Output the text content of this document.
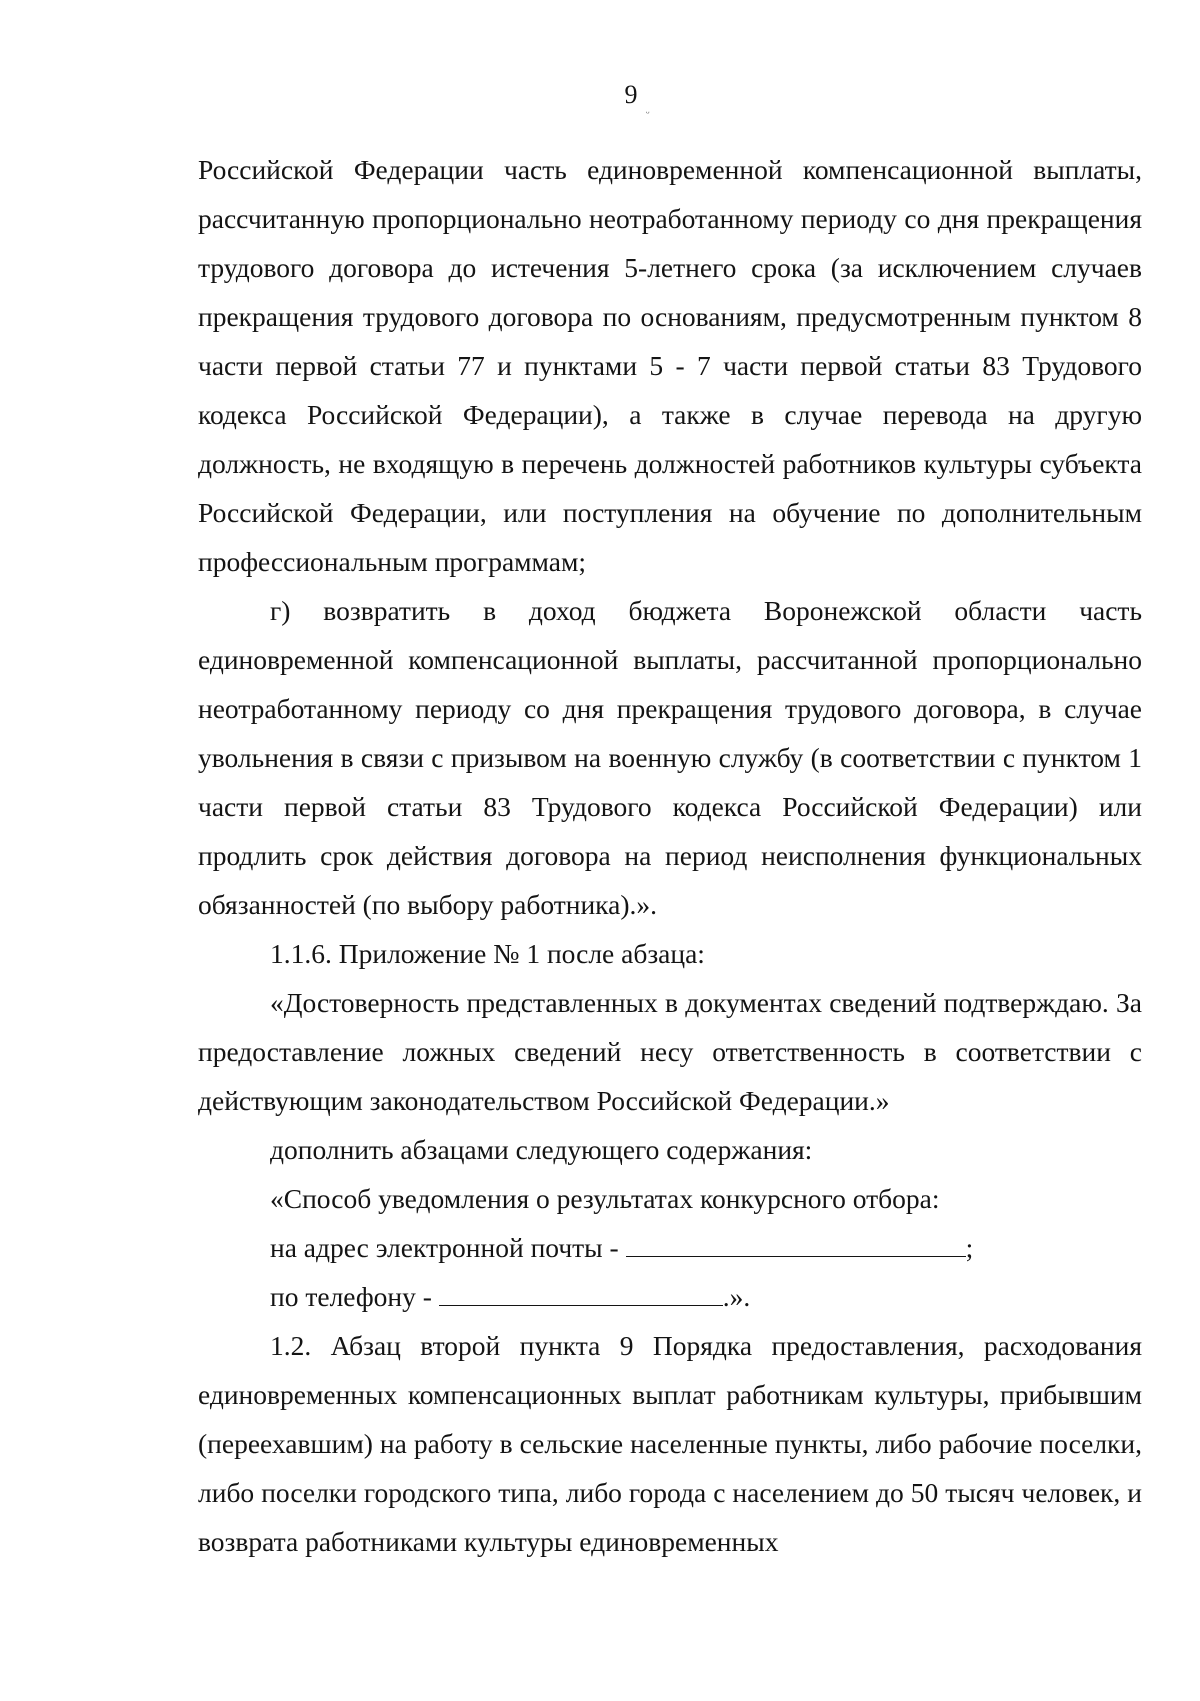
9
ᵕ

Российской Федерации часть единовременной компенсационной выплаты, рассчитанную пропорционально неотработанному периоду со дня прекращения трудового договора до истечения 5-летнего срока (за исключением случаев прекращения трудового договора по основаниям, предусмотренным пунктом 8 части первой статьи 77 и пунктами 5 - 7 части первой статьи 83 Трудового кодекса Российской Федерации), а также в случае перевода на другую должность, не входящую в перечень должностей работников культуры субъекта Российской Федерации, или поступления на обучение по дополнительным профессиональным программам;

г) возвратить в доход бюджета Воронежской области часть единовременной компенсационной выплаты, рассчитанной пропорционально неотработанному периоду со дня прекращения трудового договора, в случае увольнения в связи с призывом на военную службу (в соответствии с пунктом 1 части первой статьи 83 Трудового кодекса Российской Федерации) или продлить срок действия договора на период неисполнения функциональных обязанностей (по выбору работника).».

1.1.6. Приложение № 1 после абзаца:

«Достоверность представленных в документах сведений подтверждаю. За предоставление ложных сведений несу ответственность в соответствии с действующим законодательством Российской Федерации.»

дополнить абзацами следующего содержания:

«Способ уведомления о результатах конкурсного отбора:

на адрес электронной почты -	;

по телефону -	.».

1.2. Абзац второй пункта 9 Порядка предоставления, расходования единовременных компенсационных выплат работникам культуры, прибывшим (переехавшим) на работу в сельские населенные пункты, либо рабочие поселки, либо поселки городского типа, либо города с населением до 50 тысяч человек, и возврата работниками культуры единовременных
